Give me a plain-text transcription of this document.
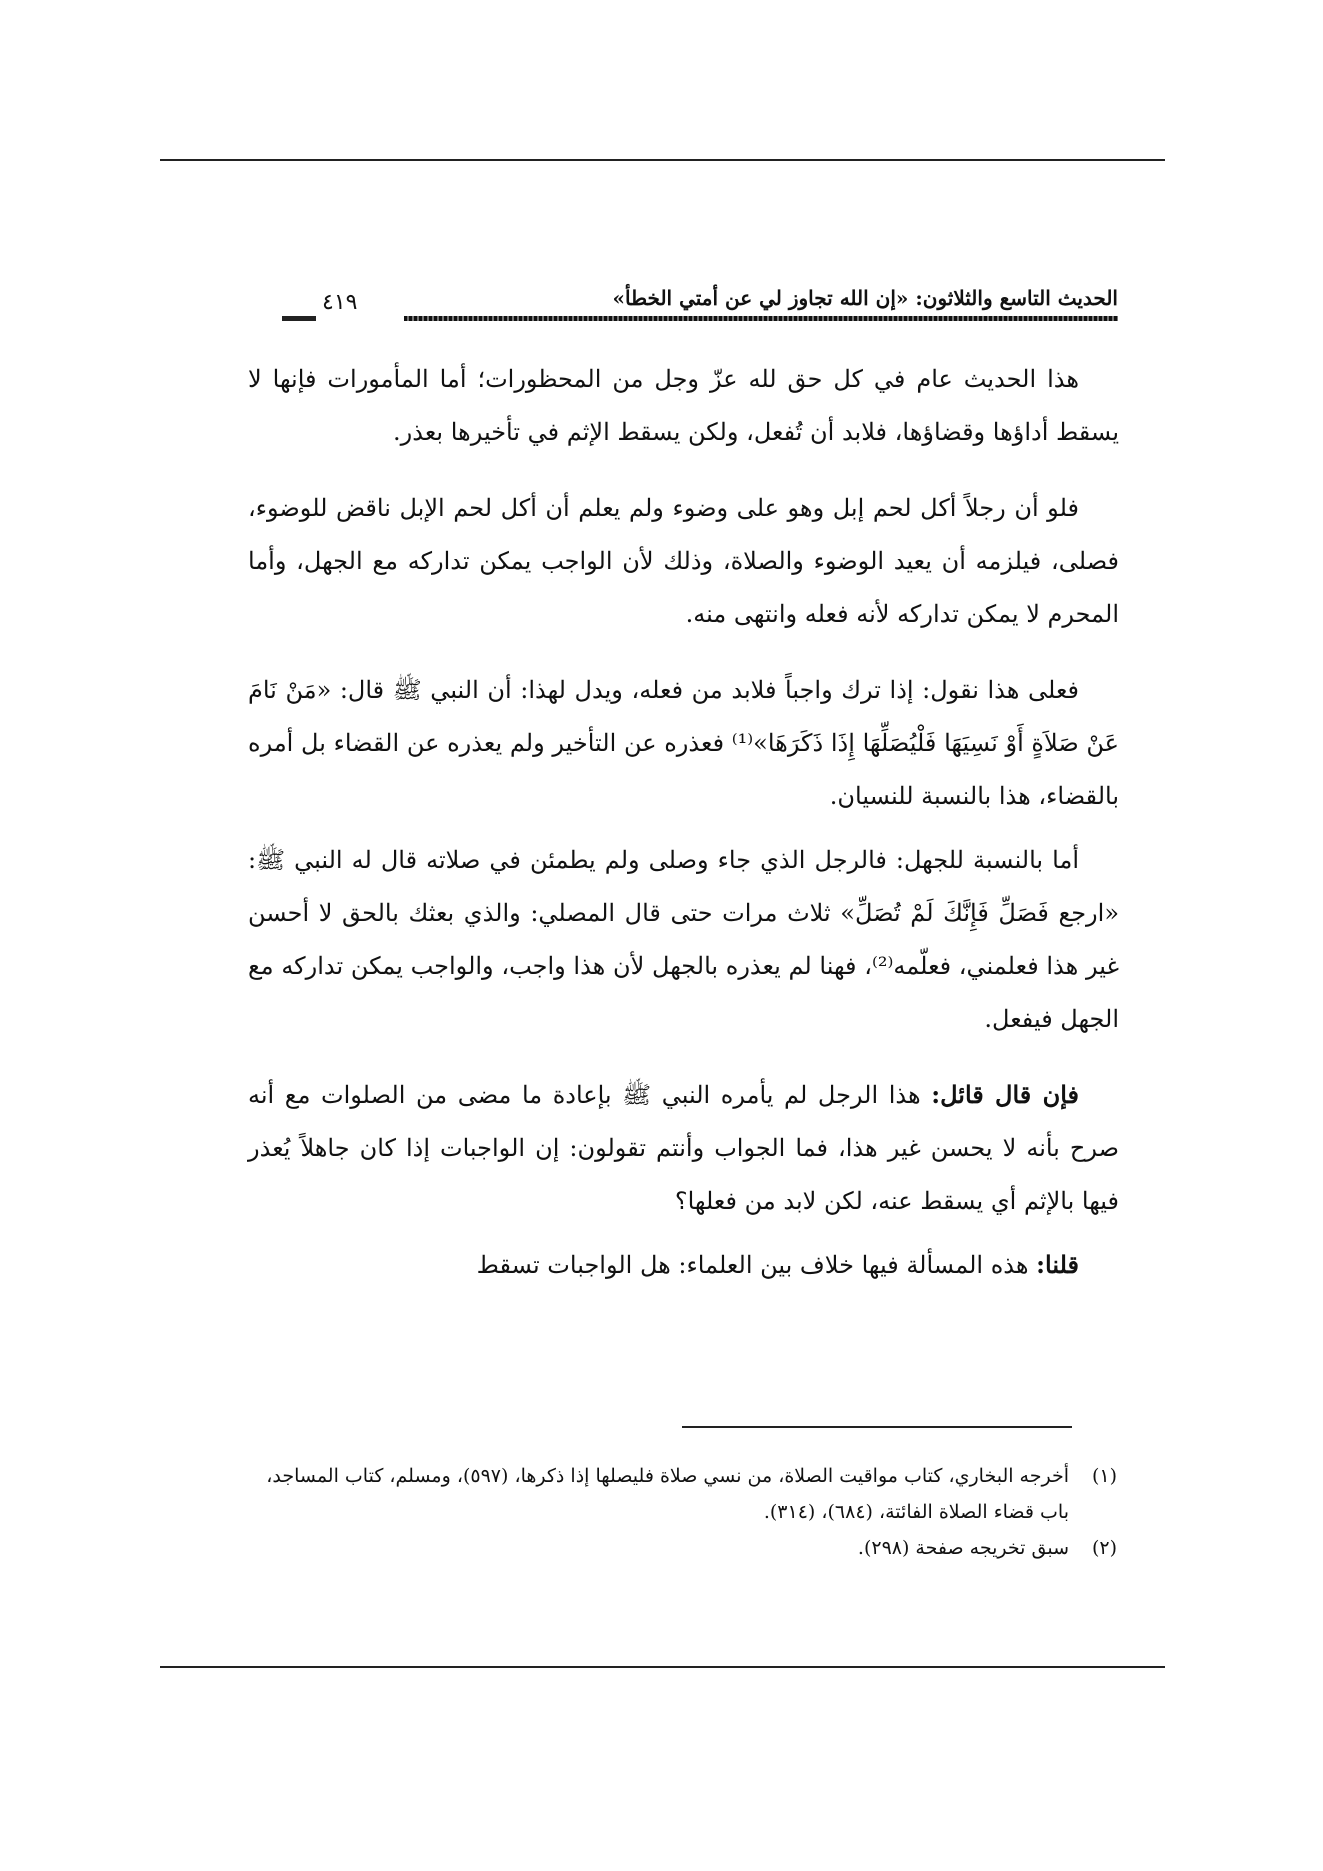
الحديث التاسع والثلاثون: «إن الله تجاوز لي عن أمتي الخطأ»
٤١٩

هذا الحديث عام في كل حق لله عزّ وجل من المحظورات؛ أما المأمورات فإنها لا يسقط أداؤها وقضاؤها، فلابد أن تُفعل، ولكن يسقط الإثم في تأخيرها بعذر.

فلو أن رجلاً أكل لحم إبل وهو على وضوء ولم يعلم أن أكل لحم الإبل ناقض للوضوء، فصلى، فيلزمه أن يعيد الوضوء والصلاة، وذلك لأن الواجب يمكن تداركه مع الجهل، وأما المحرم لا يمكن تداركه لأنه فعله وانتهى منه.

فعلى هذا نقول: إذا ترك واجباً فلابد من فعله، ويدل لهذا: أن النبي ﷺ قال: «مَنْ نَامَ عَنْ صَلاَةٍ أَوْ نَسِيَهَا فَلْيُصَلِّهَا إِذَا ذَكَرَهَا»⁽¹⁾ فعذره عن التأخير ولم يعذره عن القضاء بل أمره بالقضاء، هذا بالنسبة للنسيان.

أما بالنسبة للجهل: فالرجل الذي جاء وصلى ولم يطمئن في صلاته قال له النبي ﷺ: «ارجع فَصَلِّ فَإِنَّكَ لَمْ تُصَلِّ» ثلاث مرات حتى قال المصلي: والذي بعثك بالحق لا أحسن غير هذا فعلمني، فعلّمه⁽²⁾، فهنا لم يعذره بالجهل لأن هذا واجب، والواجب يمكن تداركه مع الجهل فيفعل.

فإن قال قائل: هذا الرجل لم يأمره النبي ﷺ بإعادة ما مضى من الصلوات مع أنه صرح بأنه لا يحسن غير هذا، فما الجواب وأنتم تقولون: إن الواجبات إذا كان جاهلاً يُعذر فيها بالإثم أي يسقط عنه، لكن لابد من فعلها؟

قلنا: هذه المسألة فيها خلاف بين العلماء: هل الواجبات تسقط

(١)
أخرجه البخاري، كتاب مواقيت الصلاة، من نسي صلاة فليصلها إذا ذكرها، (٥٩٧)، ومسلم، كتاب المساجد، باب قضاء الصلاة الفائتة، (٦٨٤)، (٣١٤).
(٢)
سبق تخريجه صفحة (٢٩٨).
